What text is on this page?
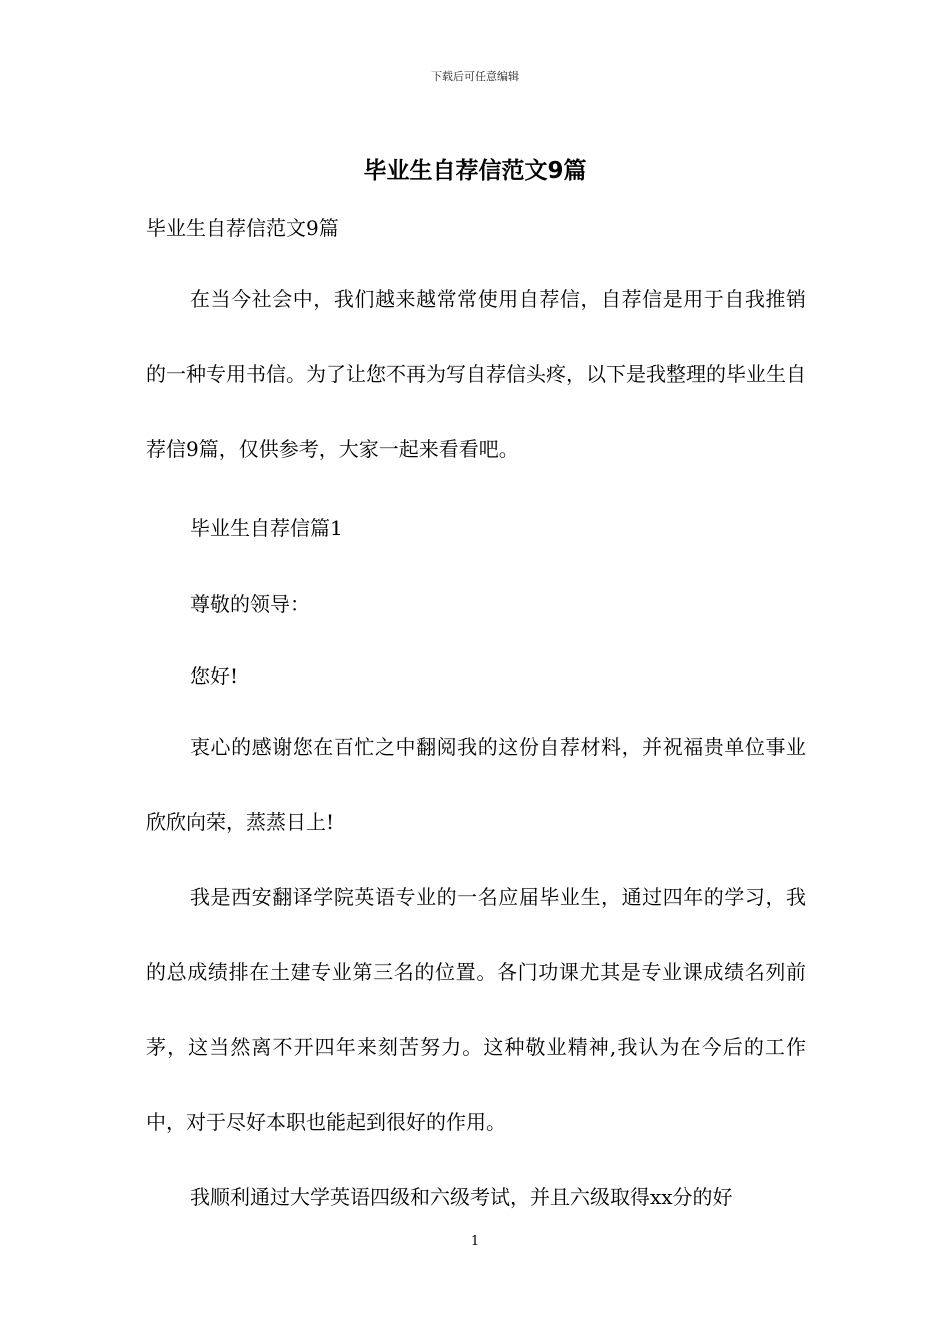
下载后可任意编辑
毕业生自荐信范文9篇
毕业生自荐信范文9篇
在当今社会中，我们越来越常常使用自荐信，自荐信是用于自我推销的一种专用书信。为了让您不再为写自荐信头疼，以下是我整理的毕业生自荐信9篇，仅供参考，大家一起来看看吧。
毕业生自荐信篇1
尊敬的领导：
您好!
衷心的感谢您在百忙之中翻阅我的这份自荐材料，并祝福贵单位事业欣欣向荣，蒸蒸日上!
我是西安翻译学院英语专业的一名应届毕业生，通过四年的学习，我的总成绩排在土建专业第三名的位置。各门功课尤其是专业课成绩名列前茅，这当然离不开四年来刻苦努力。这种敬业精神,我认为在今后的工作中，对于尽好本职也能起到很好的作用。
我顺利通过大学英语四级和六级考试，并且六级取得xx分的好
1
